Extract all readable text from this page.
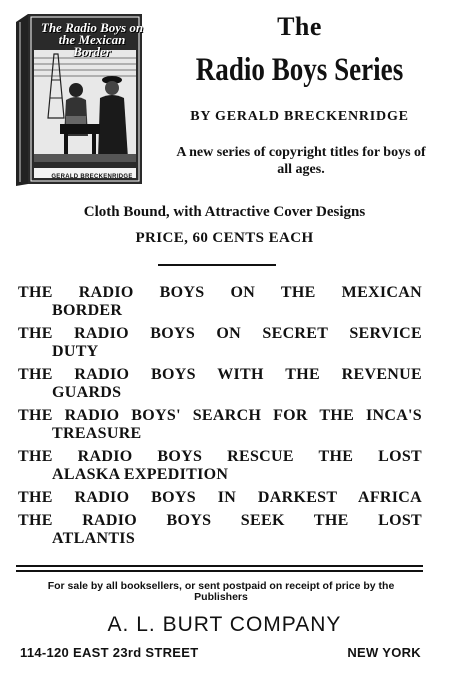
The Radio Boys on the Mexican Border
GERALD BRECKENRIDGE
The
Radio Boys Series
BY GERALD BRECKENRIDGE
A new series of copyright titles for boys of all ages.
Cloth Bound, with Attractive Cover Designs
PRICE, 60 CENTS EACH
THE RADIO BOYS ON THE MEXICAN
BORDER
THE RADIO BOYS ON SECRET SERVICE
DUTY
THE RADIO BOYS WITH THE REVENUE
GUARDS
THE RADIO BOYS' SEARCH FOR THE INCA'S
TREASURE
THE RADIO BOYS RESCUE THE LOST
ALASKA EXPEDITION
THE RADIO BOYS IN DARKEST AFRICA
THE RADIO BOYS SEEK THE LOST
ATLANTIS
For sale by all booksellers, or sent postpaid on receipt of price by the Publishers
A. L. BURT COMPANY
114-120 EAST 23rd STREET	NEW YORK
